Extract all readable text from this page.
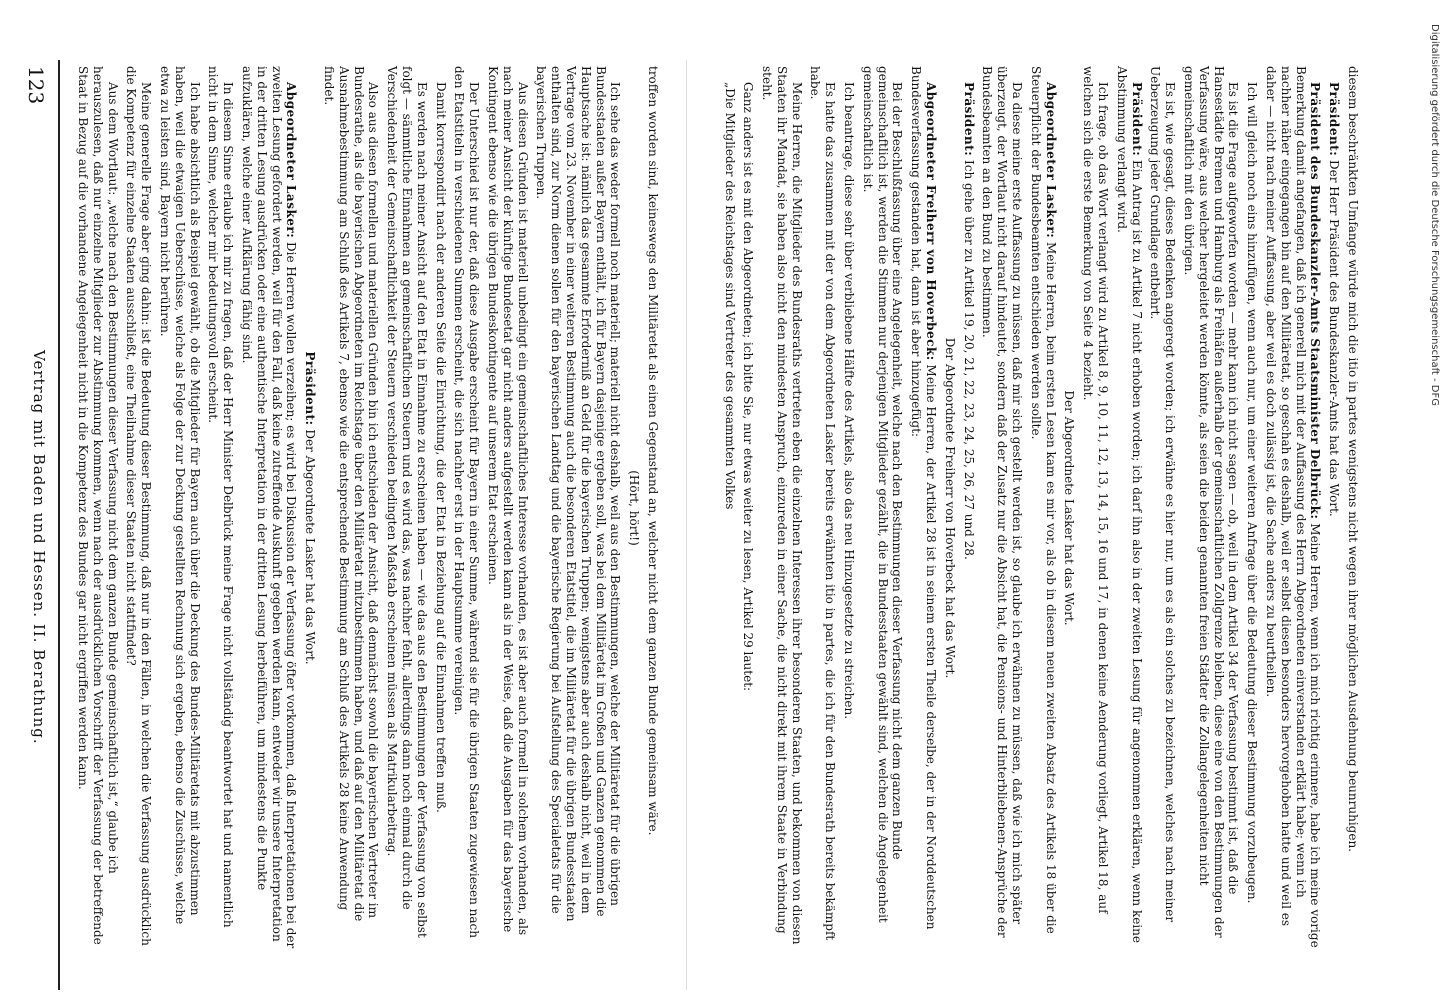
Vertrag mit Baden und Hessen. II. Berathung.
123	Digitalisierung gefördert durch die Deutsche Forschungsgemeinschaft - DFG

troffen worden sind, keineswegs den Militäretat als einen Gegenstand an, welcher nicht dem ganzen Bunde gemeinsam wäre.

(Hört, hört!)

Ich sehe das weder formell noch materiell; materiell nicht deshalb, weil aus den Bestimmungen, welche der Militäretat für die übrigen Bundesstaaten außer Bayern enthält, ich für Bayern dasjenige ergeben soll, was bei dem Militäretat im Großen und Ganzen genommen die Hauptsache ist: nämlich das gesammte Erforderniß an Geld für die bayerischen Truppen; wenigstens aber auch deshalb nicht, weil in dem Vertrage vom 23. November in einer weiteren Bestimmung auch die besonderen Etatstitel, die im Militäretat für die übrigen Bundesstaaten enthalten sind, zur Norm dienen sollen für den bayerischen Landtag und die bayerische Regierung bei Aufstellung des Specialetats für die bayerischen Truppen.

Aus diesen Gründen ist materiell unbedingt ein gemeinschaftliches Interesse vorhanden, es ist aber auch formell in solchem vorhanden, als nach meiner Ansicht der künftige Bundesetat gar nicht anders aufgestellt werden kann als in der Weise, daß die Ausgaben für das bayerische Kontingent ebenso wie die übrigen Bundeskontingente auf unserem Etat erscheinen.

Der Unterschied ist nur der, daß diese Ausgabe erscheint für Bayern in einer Summe, während sie für die übrigen Staaten zugewiesen nach den Etatstiteln in verschiedenen Summen erscheint, die sich nachher erst in der Hauptsumme vereinigen.

Damit korrespondirt nach der anderen Seite die Einrichtung, die der Etat in Beziehung auf die Einnahmen treffen muß.

Es werden nach meiner Ansicht auf den Etat in Einnahme zu erscheinen haben — wie das aus den Bestimmungen der Verfassung von selbst folgt — sämmtliche Einnahmen an gemeinschaftlichen Steuern und es wird das, was nachher fehlt, allerdings dann noch einmal durch die Verschiedenheit der Gemeinschaftlichkeit der Steuern verschieden bedingten Maßstab erscheinen müssen als Matrikularbeitrag.

Also aus diesen formellen und materiellen Gründen bin ich entschieden der Ansicht, daß demnächst sowohl die bayerischen Vertreter im Bundesrathe, als die bayerischen Abgeordneten im Reichstage über den Militäretat mitzubestimmen haben, und daß auf den Militäretat die Ausnahmebestimmung am Schluß des Artikels 7, ebenso wie die entsprechende Bestimmung am Schluß des Artikels 28 keine Anwendung findet.

Präsident: Der Abgeordnete Lasker hat das Wort.

Abgeordneter Lasker: Die Herren wollen verzeihen; es wird bei Diskussion der Verfassung öfter vorkommen, daß Interpretationen bei der zweiten Lesung gefordert werden, weil für den Fall, daß keine zutreffende Auskunft gegeben werden kann, entweder wir unsere Interpretation in der dritten Lesung ausdrücken oder eine authentische Interpretation in der dritten Lesung herbeiführen, um mindestens die Punkte aufzuklären, welche einer Aufklärung fähig sind.

In diesem Sinne erlaube ich mir zu fragen, daß der Herr Minister Delbrück meine Frage nicht vollständig beantwortet hat und namentlich nicht in dem Sinne, welcher mir bedeutungsvoll erscheint.

Ich habe absichtlich als Beispiel gewählt, ob die Mitglieder für Bayern auch über die Deckung des Bundes-Militäretats mit abzustimmen haben, weil die etwaigen Ueberschüsse, welche als Folge der zur Deckung gestellten Rechnung sich ergeben, ebenso die Zuschüsse, welche etwa zu leisten sind, Bayern nicht berühren.

Meine generelle Frage aber ging dahin: ist die Bedeutung dieser Bestimmung, daß nur in den Fällen, in welchen die Verfassung ausdrücklich die Kompetenz für einzelne Staaten ausschließt, eine Theilnahme dieser Staaten nicht stattfindet?

Aus dem Wortlaut: „welche nach den Bestimmungen dieser Verfassung nicht dem ganzen Bunde gemeinschaftlich ist,“ glaube ich herauszulesen, daß nur einzelne Mitglieder zur Abstimmung kommen, wenn nach der ausdrücklichen Vorschrift der Verfassung der betreffende Staat in Bezug auf die vorhandene Angelegenheit nicht in die Kompetenz des Bundes gar nicht ergriffen werden kann.	diesem beschränkten Umfange würde mich die itio in partes wenigstens nicht wegen ihrer möglichen Ausdehnung beunruhigen.

Präsident: Der Herr Präsident des Bundeskanzler-Amts hat das Wort.

Präsident des Bundeskanzler-Amts Staatsminister Delbrück: Meine Herren, wenn ich mich richtig erinnere, habe ich meine vorige Bemerkung damit angefangen, daß ich generell mich mit der Auffassung des Herrn Abgeordneten einverstanden erklärt habe; wenn ich nachher näher eingegangen bin auf den Militäretat, so geschah es deshalb, weil er selbst diesen besonders hervorgehoben hatte und weil es daher — nicht nach meiner Auffassung, aber weil es doch zulässig ist, die Sache anders zu beurtheilen.

Ich will gleich noch eins hinzufügen, wenn auch nur, um einer weiteren Anfrage über die Bedeutung dieser Bestimmung vorzubeugen.

Es ist die Frage aufgeworfen worden — mehr kann ich nicht sagen — ob, weil in dem Artikel 34 der Verfassung bestimmt ist, daß die Hansestädte Bremen und Hamburg als Freihäfen außerhalb der gemeinschaftlichen Zollgrenze bleiben, diese eine von den Bestimmungen der Verfassung wäre, aus welcher hergeleitet werden könnte, als seien die beiden genannten freien Städter die Zollangelegenheiten nicht gemeinschaftlich mit den übrigen.

Es ist, wie gesagt, dieses Bedenken angeregt worden; ich erwähne es hier nur, um es als ein solches zu bezeichnen, welches nach meiner Ueberzeugung jeder Grundlage entbehrt.

Präsident: Ein Antrag ist zu Artikel 7 nicht erhoben worden; ich darf ihn also in der zweiten Lesung für angenommen erklären, wenn keine Abstimmung verlangt wird.

Ich frage, ob das Wort verlangt wird zu Artikel 8, 9, 10, 11, 12, 13, 14, 15, 16 und 17, in denen keine Aenderung vorliegt, Artikel 18, auf welchen sich die erste Bemerkung von Seite 4 bezieht.

Der Abgeordnete Lasker hat das Wort.

Abgeordneter Lasker: Meine Herren, beim ersten Lesen kam es mir vor, als ob in diesem neuen zweiten Absatz des Artikels 18 über die Steuerpflicht der Bundesbeamten entschieden werden sollte.

Da diese meine erste Auffassung zu müssen, daß mir sich gestellt werden ist, so glaube ich erwähnen zu müssen, daß wie ich mich später überzeugt, der Wortlaut nicht darauf hindeutet, sondern daß der Zusatz nur die Absicht hat, die Pensions- und Hinterbliebenen-Ansprüche der Bundesbeamten an den Bund zu bestimmen.

Präsident: Ich gehe über zu Artikel 19, 20, 21, 22, 23, 24, 25, 26, 27 und 28.

Der Abgeordnete Freiherr von Hoverbeck hat das Wort.

Abgeordneter Freiherr von Hoverbeck: Meine Herren, der Artikel 28 ist in seinem ersten Theile derselbe, der in der Norddeutschen Bundesverfassung gestanden hat, dann ist aber hinzugefügt:

Bei der Beschlußfassung über eine Angelegenheit, welche nach den Bestimmungen dieser Verfassung nicht dem ganzen Bunde gemeinschaftlich ist, werden die Stimmen nur derjenigen Mitglieder gezählt, die in Bundesstaaten gewählt sind, welchen die Angelegenheit gemeinschaftlich ist.

Ich beantrage, diese sehr über verbliebene Hälfte des Artikels, also das neu Hinzugesetzte zu streichen.

Es hatte das zusammen mit der von dem Abgeordneten Lasker bereits erwähnten itio in partes, die ich für den Bundesrath bereits bekämpft habe.

Meine Herren, die Mitglieder des Bundesraths vertreten eben die einzelnen Interessen ihrer besonderen Staaten, und bekommen von diesen Staaten ihr Mandat, sie haben also nicht den mindesten Anspruch, einzureden in einer Sache, die nicht direkt mit ihrem Staate in Verbindung steht.

Ganz anders ist es mit den Abgeordneten; ich bitte Sie, nur etwas weiter zu lesen, Artikel 29 lautet:

„Die Mitglieder des Reichstages sind Vertreter des gesammten Volkes
